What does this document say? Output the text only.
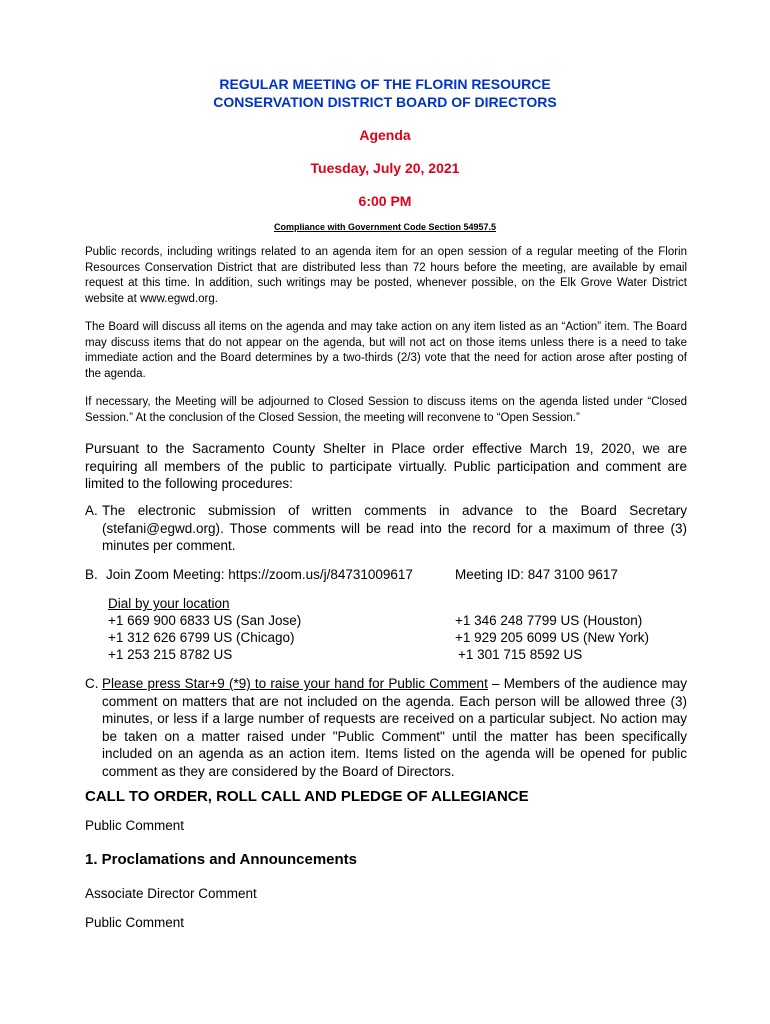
REGULAR MEETING OF THE FLORIN RESOURCE
CONSERVATION DISTRICT BOARD OF DIRECTORS
Agenda
Tuesday, July 20, 2021
6:00 PM
Compliance with Government Code Section 54957.5
Public records, including writings related to an agenda item for an open session of a regular meeting of the Florin Resources Conservation District that are distributed less than 72 hours before the meeting, are available by email request at this time. In addition, such writings may be posted, whenever possible, on the Elk Grove Water District website at www.egwd.org.
The Board will discuss all items on the agenda and may take action on any item listed as an “Action” item. The Board may discuss items that do not appear on the agenda, but will not act on those items unless there is a need to take immediate action and the Board determines by a two-thirds (2/3) vote that the need for action arose after posting of the agenda.
If necessary, the Meeting will be adjourned to Closed Session to discuss items on the agenda listed under “Closed Session.” At the conclusion of the Closed Session, the meeting will reconvene to “Open Session.”
Pursuant to the Sacramento County Shelter in Place order effective March 19, 2020, we are requiring all members of the public to participate virtually. Public participation and comment are limited to the following procedures:
A. The electronic submission of written comments in advance to the Board Secretary (stefani@egwd.org). Those comments will be read into the record for a maximum of three (3) minutes per comment.
B. Join Zoom Meeting: https://zoom.us/j/84731009617	Meeting ID: 847 3100 9617
Dial by your location
+1 669 900 6833 US (San Jose)
+1 312 626 6799 US (Chicago)
+1 253 215 8782 US
+1 346 248 7799 US (Houston)
+1 929 205 6099 US (New York)
+1 301 715 8592 US
C. Please press Star+9 (*9) to raise your hand for Public Comment – Members of the audience may comment on matters that are not included on the agenda. Each person will be allowed three (3) minutes, or less if a large number of requests are received on a particular subject. No action may be taken on a matter raised under "Public Comment" until the matter has been specifically included on an agenda as an action item. Items listed on the agenda will be opened for public comment as they are considered by the Board of Directors.
CALL TO ORDER, ROLL CALL AND PLEDGE OF ALLEGIANCE
Public Comment
1. Proclamations and Announcements
Associate Director Comment
Public Comment
